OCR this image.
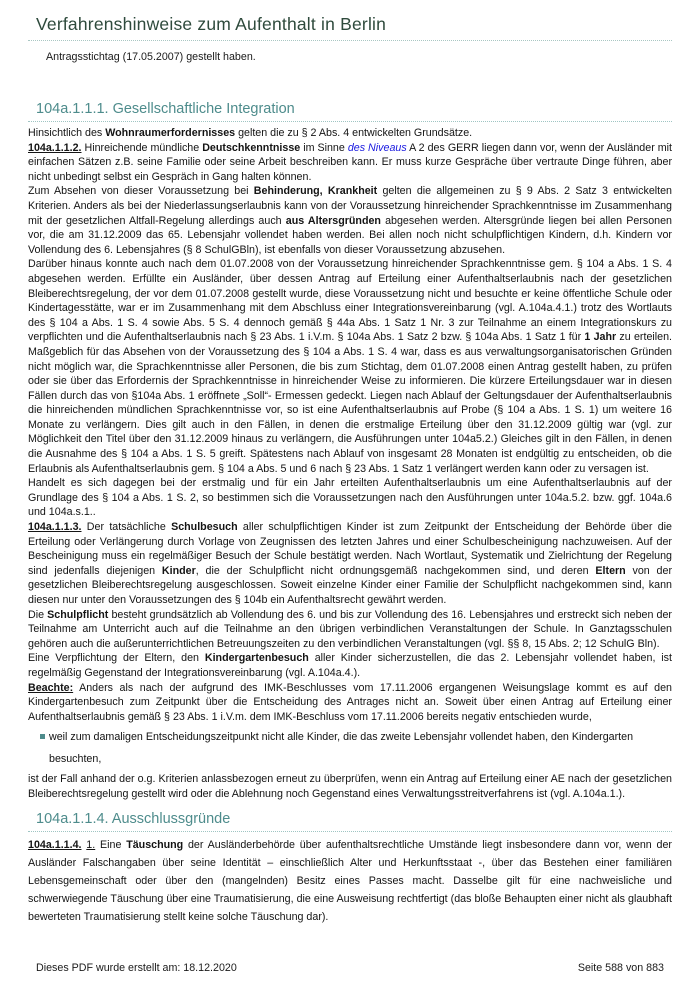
Verfahrenshinweise zum Aufenthalt in Berlin

Antragsstichtag (17.05.2007) gestellt haben.

104a.1.1.1. Gesellschaftliche Integration

Hinsichtlich des Wohnraumerfordernisses gelten die zu § 2 Abs. 4 entwickelten Grundsätze.

104a.1.1.2. Hinreichende mündliche Deutschkenntnisse im Sinne des Niveaus A 2 des GERR liegen dann vor, wenn der Ausländer mit einfachen Sätzen z.B. seine Familie oder seine Arbeit beschreiben kann. Er muss kurze Gespräche über vertraute Dinge führen, aber nicht unbedingt selbst ein Gespräch in Gang halten können.

Zum Absehen von dieser Voraussetzung bei Behinderung, Krankheit gelten die allgemeinen zu § 9 Abs. 2 Satz 3 entwickelten Kriterien. Anders als bei der Niederlassungserlaubnis kann von der Voraussetzung hinreichender Sprachkenntnisse im Zusammenhang mit der gesetzlichen Altfall-Regelung allerdings auch aus Altersgründen abgesehen werden. Altersgründe liegen bei allen Personen vor, die am 31.12.2009 das 65. Lebensjahr vollendet haben werden. Bei allen noch nicht schulpflichtigen Kindern, d.h. Kindern vor Vollendung des 6. Lebensjahres (§ 8 SchulGBln), ist ebenfalls von dieser Voraussetzung abzusehen.

Darüber hinaus konnte auch nach dem 01.07.2008 von der Voraussetzung hinreichender Sprachkenntnisse gem. § 104 a Abs. 1 S. 4 abgesehen werden. Erfüllte ein Ausländer, über dessen Antrag auf Erteilung einer Aufenthaltserlaubnis nach der gesetzlichen Bleiberechtsregelung, der vor dem 01.07.2008 gestellt wurde, diese Voraussetzung nicht und besuchte er keine öffentliche Schule oder Kindertagesstätte, war er im Zusammenhang mit dem Abschluss einer Integrationsvereinbarung (vgl. A.104a.4.1.) trotz des Wortlauts des § 104 a Abs. 1 S. 4 sowie Abs. 5 S. 4 dennoch gemäß § 44a Abs. 1 Satz 1 Nr. 3 zur Teilnahme an einem Integrationskurs zu verpflichten und die Aufenthaltserlaubnis nach § 23 Abs. 1 i.V.m. § 104a Abs. 1 Satz 2 bzw. § 104a Abs. 1 Satz 1 für 1 Jahr zu erteilen. Maßgeblich für das Absehen von der Voraussetzung des § 104 a Abs. 1 S. 4 war, dass es aus verwaltungsorganisatorischen Gründen nicht möglich war, die Sprachkenntnisse aller Personen, die bis zum Stichtag, dem 01.07.2008 einen Antrag gestellt haben, zu prüfen oder sie über das Erfordernis der Sprachkenntnisse in hinreichender Weise zu informieren. Die kürzere Erteilungsdauer war in diesen Fällen durch das von §104a Abs. 1 eröffnete „Soll“- Ermessen gedeckt. Liegen nach Ablauf der Geltungsdauer der Aufenthaltserlaubnis die hinreichenden mündlichen Sprachkenntnisse vor, so ist eine Aufenthaltserlaubnis auf Probe (§ 104 a Abs. 1 S. 1) um weitere 16 Monate zu verlängern. Dies gilt auch in den Fällen, in denen die erstmalige Erteilung über den 31.12.2009 gültig war (vgl. zur Möglichkeit den Titel über den 31.12.2009 hinaus zu verlängern, die Ausführungen unter 104a5.2.) Gleiches gilt in den Fällen, in denen die Ausnahme des § 104 a Abs. 1 S. 5 greift. Spätestens nach Ablauf von insgesamt 28 Monaten ist endgültig zu entscheiden, ob die Erlaubnis als Aufenthaltserlaubnis gem. § 104 a Abs. 5 und 6 nach § 23 Abs. 1 Satz 1 verlängert werden kann oder zu versagen ist.

Handelt es sich dagegen bei der erstmalig und für ein Jahr erteilten Aufenthaltserlaubnis um eine Aufenthaltserlaubnis auf der Grundlage des § 104 a Abs. 1 S. 2, so bestimmen sich die Voraussetzungen nach den Ausführungen unter 104a.5.2. bzw. ggf. 104a.6 und 104a.s.1..

104a.1.1.3. Der tatsächliche Schulbesuch aller schulpflichtigen Kinder ist zum Zeitpunkt der Entscheidung der Behörde über die Erteilung oder Verlängerung durch Vorlage von Zeugnissen des letzten Jahres und einer Schulbescheinigung nachzuweisen. Auf der Bescheinigung muss ein regelmäßiger Besuch der Schule bestätigt werden. Nach Wortlaut, Systematik und Zielrichtung der Regelung sind jedenfalls diejenigen Kinder, die der Schulpflicht nicht ordnungsgemäß nachgekommen sind, und deren Eltern von der gesetzlichen Bleiberechtsregelung ausgeschlossen. Soweit einzelne Kinder einer Familie der Schulpflicht nachgekommen sind, kann diesen nur unter den Voraussetzungen des § 104b ein Aufenthaltsrecht gewährt werden.

Die Schulpflicht besteht grundsätzlich ab Vollendung des 6. und bis zur Vollendung des 16. Lebensjahres und erstreckt sich neben der Teilnahme am Unterricht auch auf die Teilnahme an den übrigen verbindlichen Veranstaltungen der Schule. In Ganztagsschulen gehören auch die außerunterrichtlichen Betreuungszeiten zu den verbindlichen Veranstaltungen (vgl. §§ 8, 15 Abs. 2; 12 SchulG Bln).

Eine Verpflichtung der Eltern, den Kindergartenbesuch aller Kinder sicherzustellen, die das 2. Lebensjahr vollendet haben, ist regelmäßig Gegenstand der Integrationsvereinbarung (vgl. A.104a.4.).

Beachte: Anders als nach der aufgrund des IMK-Beschlusses vom 17.11.2006 ergangenen Weisungslage kommt es auf den Kindergartenbesuch zum Zeitpunkt über die Entscheidung des Antrages nicht an. Soweit über einen Antrag auf Erteilung einer Aufenthaltserlaubnis gemäß § 23 Abs. 1 i.V.m. dem IMK-Beschluss vom 17.11.2006 bereits negativ entschieden wurde,

weil zum damaligen Entscheidungszeitpunkt nicht alle Kinder, die das zweite Lebensjahr vollendet haben, den Kindergarten besuchten,

ist der Fall anhand der o.g. Kriterien anlassbezogen erneut zu überprüfen, wenn ein Antrag auf Erteilung einer AE nach der gesetzlichen Bleiberechtsregelung gestellt wird oder die Ablehnung noch Gegenstand eines Verwaltungsstreitverfahrens ist (vgl. A.104a.1.).

104a.1.1.4. Ausschlussgründe

104a.1.1.4. 1. Eine Täuschung der Ausländerbehörde über aufenthaltsrechtliche Umstände liegt insbesondere dann vor, wenn der Ausländer Falschangaben über seine Identität – einschließlich Alter und Herkunftsstaat -, über das Bestehen einer familiären Lebensgemeinschaft oder über den (mangelnden) Besitz eines Passes macht. Dasselbe gilt für eine nachweisliche und schwerwiegende Täuschung über eine Traumatisierung, die eine Ausweisung rechtfertigt (das bloße Behaupten einer nicht als glaubhaft bewerteten Traumatisierung stellt keine solche Täuschung dar).

Dieses PDF wurde erstellt am: 18.12.2020	Seite 588 von 883
